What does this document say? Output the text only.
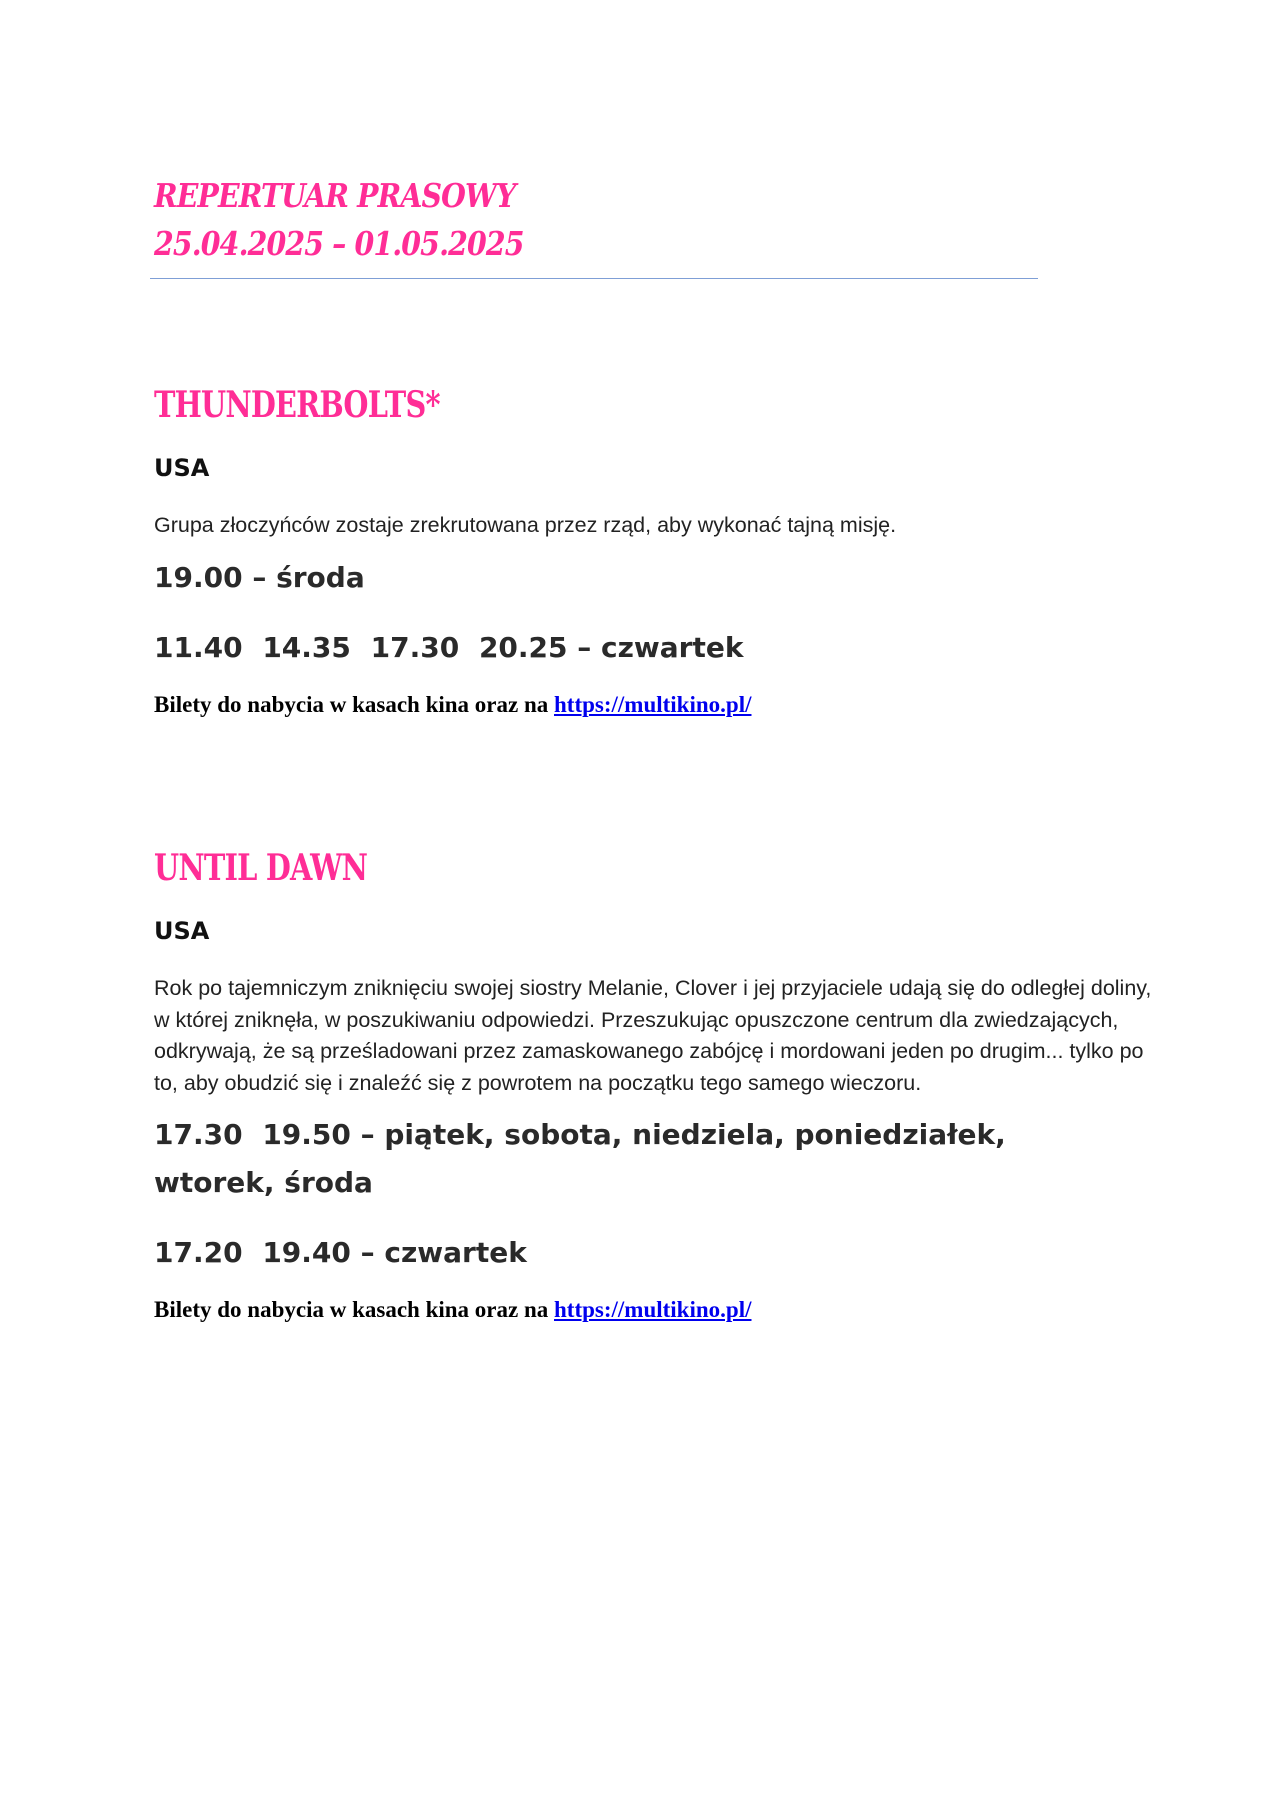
REPERTUAR PRASOWY
25.04.2025 – 01.05.2025
THUNDERBOLTS*
USA
Grupa złoczyńców zostaje zrekrutowana przez rząd, aby wykonać tajną misję.
19.00 – środa
11.40 14.35 17.30 20.25 – czwartek
Bilety do nabycia w kasach kina oraz na https://multikino.pl/
UNTIL DAWN
USA
Rok po tajemniczym zniknięciu swojej siostry Melanie, Clover i jej przyjaciele udają się do odległej doliny, w której zniknęła, w poszukiwaniu odpowiedzi. Przeszukując opuszczone centrum dla zwiedzających, odkrywają, że są prześladowani przez zamaskowanego zabójcę i mordowani jeden po drugim... tylko po to, aby obudzić się i znaleźć się z powrotem na początku tego samego wieczoru.
17.30 19.50 – piątek, sobota, niedziela, poniedziałek, wtorek, środa
17.20 19.40 – czwartek
Bilety do nabycia w kasach kina oraz na https://multikino.pl/
